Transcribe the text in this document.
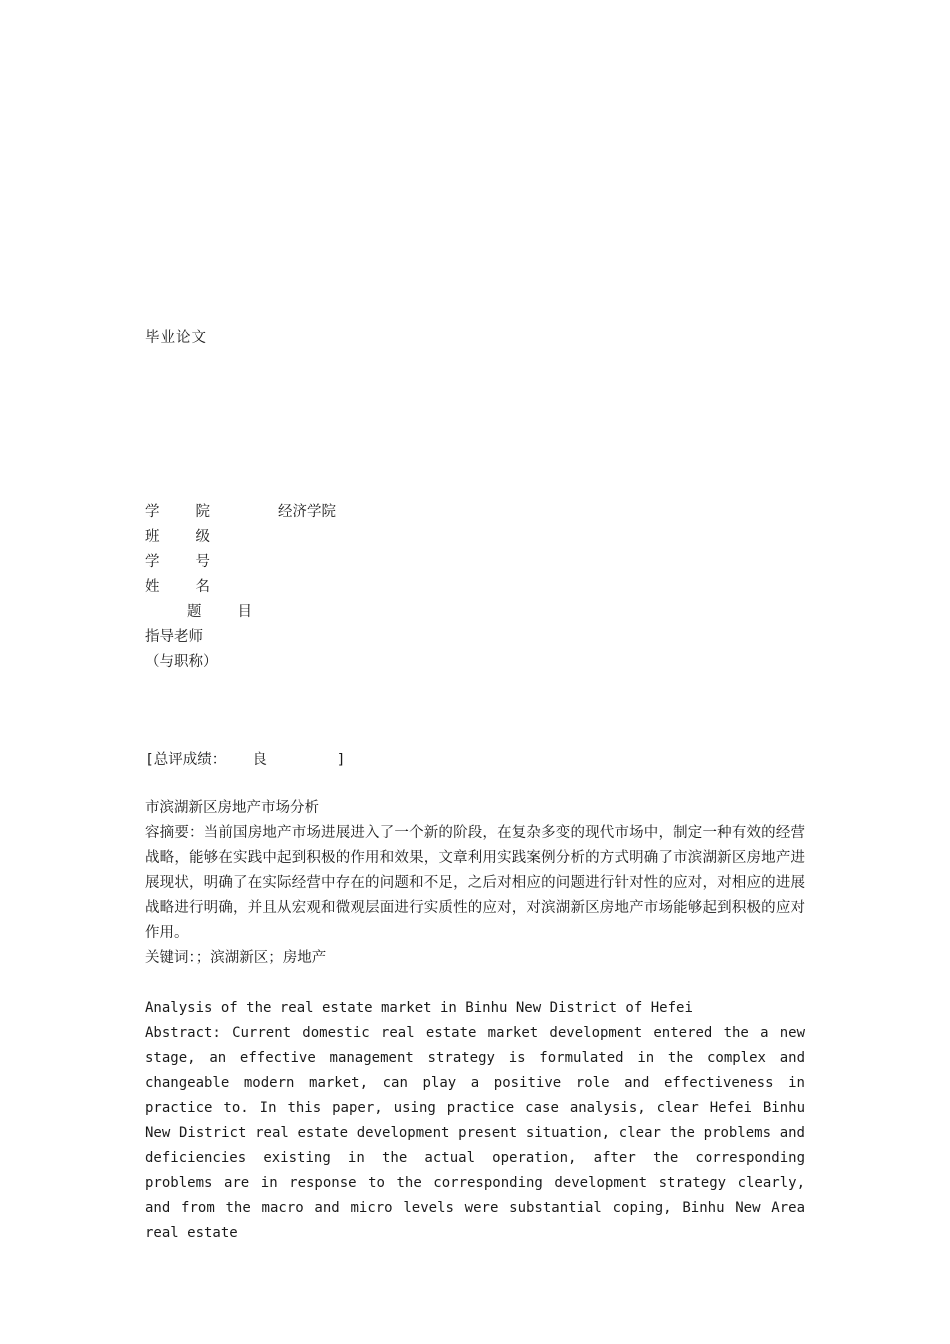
毕业论文
学院 经济学院
班级
学号
姓名
题目
指导老师
（与职称）
[总评成绩：   良        ]

市滨湖新区房地产市场分析

容摘要：当前国房地产市场进展进入了一个新的阶段，在复杂多变的现代市场中，制定一种有效的经营战略，能够在实践中起到积极的作用和效果，文章利用实践案例分析的方式明确了市滨湖新区房地产进展现状，明确了在实际经营中存在的问题和不足，之后对相应的问题进行针对性的应对，对相应的进展战略进行明确，并且从宏观和微观层面进行实质性的应对，对滨湖新区房地产市场能够起到积极的应对作用。

关键词：；滨湖新区；房地产

Analysis of the real estate market in Binhu New District of Hefei

Abstract: Current domestic real estate market development entered the a new stage, an effective management strategy is formulated in the complex and changeable modern market, can play a positive role and effectiveness in practice to. In this paper, using practice case analysis, clear Hefei Binhu New District real estate development present situation, clear the problems and deficiencies existing in the actual operation, after the corresponding problems are in response to the corresponding development strategy clearly, and from the macro and micro levels were substantial coping, Binhu New Area real estate
